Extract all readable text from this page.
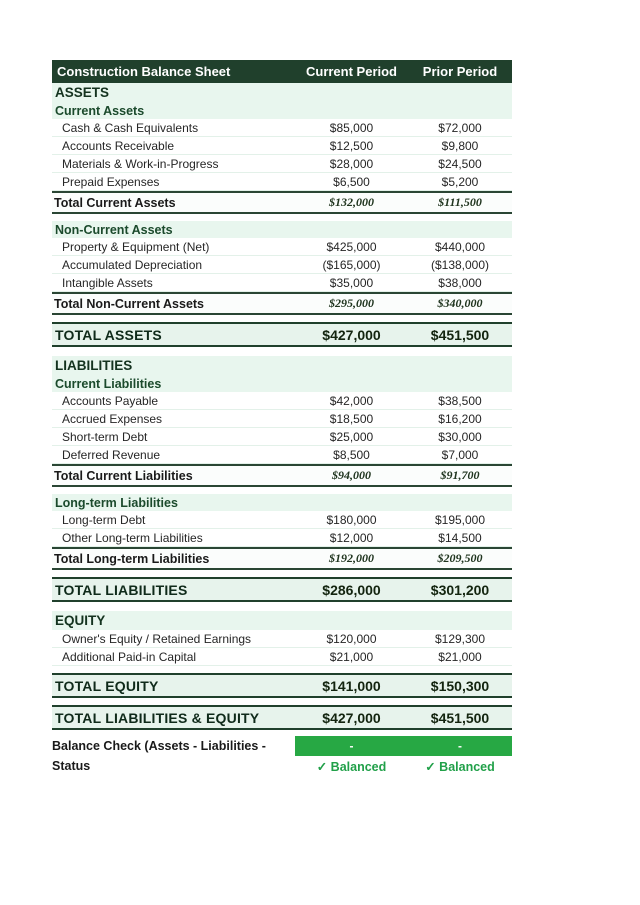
Construction Balance Sheet	Current Period	Prior Period
ASSETS
Current Assets
Cash & Cash Equivalents	$85,000	$72,000
Accounts Receivable	$12,500	$9,800
Materials & Work-in-Progress	$28,000	$24,500
Prepaid Expenses	$6,500	$5,200
Total Current Assets	$132,000	$111,500
Non-Current Assets
Property & Equipment (Net)	$425,000	$440,000
Accumulated Depreciation	($165,000)	($138,000)
Intangible Assets	$35,000	$38,000
Total Non-Current Assets	$295,000	$340,000
TOTAL ASSETS	$427,000	$451,500
LIABILITIES
Current Liabilities
Accounts Payable	$42,000	$38,500
Accrued Expenses	$18,500	$16,200
Short-term Debt	$25,000	$30,000
Deferred Revenue	$8,500	$7,000
Total Current Liabilities	$94,000	$91,700
Long-term Liabilities
Long-term Debt	$180,000	$195,000
Other Long-term Liabilities	$12,000	$14,500
Total Long-term Liabilities	$192,000	$209,500
TOTAL LIABILITIES	$286,000	$301,200
EQUITY
Owner's Equity / Retained Earnings	$120,000	$129,300
Additional Paid-in Capital	$21,000	$21,000
TOTAL EQUITY	$141,000	$150,300
TOTAL LIABILITIES & EQUITY	$427,000	$451,500
Balance Check (Assets - Liabilities -	-	-
Status	✓ Balanced	✓ Balanced
